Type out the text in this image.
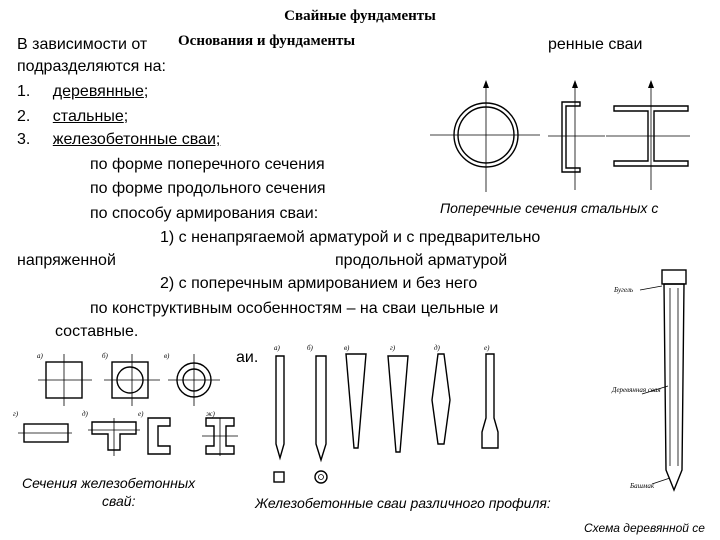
Свайные фундаменты
В зависимости от Основания и фундаменты	ренные сваи
подразделяются на:
1. деревянные;
2. стальные;
3. железобетонные сваи;
по форме поперечного сечения
по форме продольного сечения
по способу армирования сваи:
1) с ненапрягаемой арматурой и с предварительно
напряженной	продольной арматурой
2) с поперечным армированием и без него
по конструктивным особенностям – на сваи цельные и
составные.
аи.
Поперечные сечения стальных с
а)	б)	в)
г)	д)	е)	ж)
Сечения железобетонных
свай:
а)	б)	в)	г)	д)	е)
Железобетонные сваи различного профиля:
Бугель
Деревянная свая
Башмак
Схема деревянной се
